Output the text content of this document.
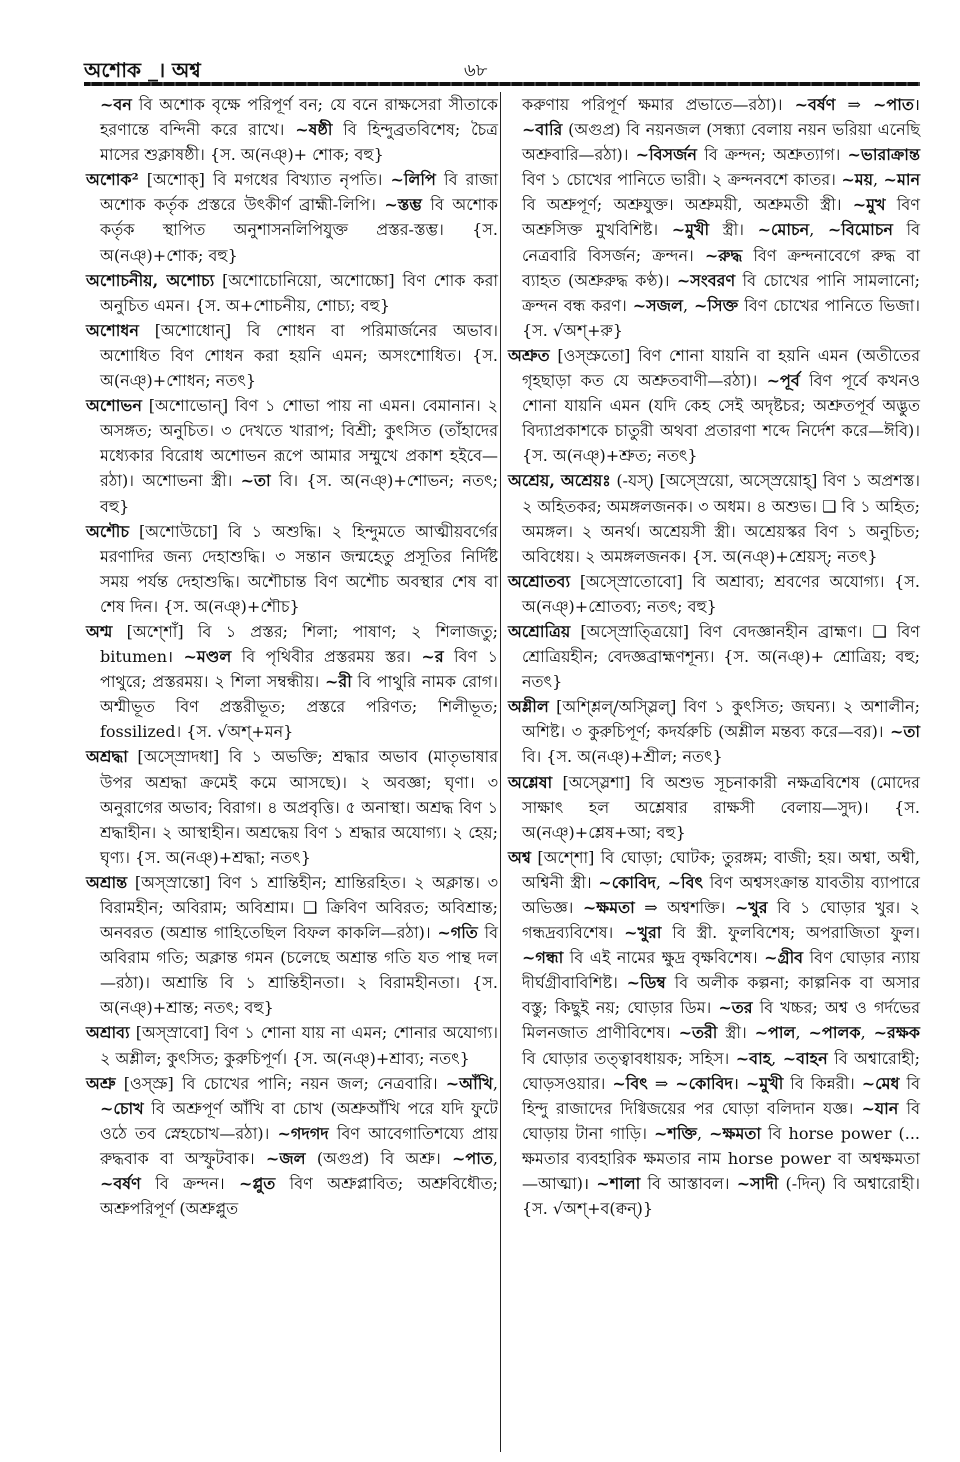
অশোক _। অশ্ব	৬৮

~বন বি অশোক বৃক্ষে পরিপূর্ণ বন; যে বনে রাক্ষসেরা সীতাকে হরণান্তে বন্দিনী করে রাখে। ~ষষ্ঠী বি হিন্দুব্রতবিশেষ; চৈত্র মাসের শুক্লাষষ্ঠী। {স. অ(নঞ্)+ শোক; বহু}

অশোক² [অশোক্] বি মগধের বিখ্যাত নৃপতি। ~লিপি বি রাজা অশোক কর্তৃক প্রস্তরে উৎকীর্ণ ব্রাহ্মী-লিপি। ~স্তম্ভ বি অশোক কর্তৃক স্থাপিত অনুশাসনলিপিযুক্ত প্রস্তর-স্তম্ভ। {স. অ(নঞ্)+শোক; বহু}

অশোচনীয়, অশোচ্য [অশোচোনিয়ো, অশোচ্চো] বিণ শোক করা অনুচিত এমন। {স. অ+শোচনীয়, শোচ্য; বহু}

অশোধন [অশোধোন্] বি শোধন বা পরিমার্জনের অভাব। অশোধিত বিণ শোধন করা হয়নি এমন; অসংশোধিত। {স. অ(নঞ্)+শোধন; নতৎ}

অশোভন [অশোভোন্] বিণ ১ শোভা পায় না এমন। বেমানান। ২ অসঙ্গত; অনুচিত। ৩ দেখতে খারাপ; বিশ্রী; কুৎসিত (তাঁহাদের মধ্যেকার বিরোধ অশোভন রূপে আমার সম্মুখে প্রকাশ হইবে—রঠা)। অশোভনা স্ত্রী। ~তা বি। {স. অ(নঞ্)+শোভন; নতৎ; বহু}

অশৌচ [অশোউচো] বি ১ অশুদ্ধি। ২ হিন্দুমতে আত্মীয়বর্গের মরণাদির জন্য দেহাশুদ্ধি। ৩ সন্তান জন্মহেতু প্রসূতির নির্দিষ্ট সময় পর্যন্ত দেহাশুদ্ধি। অশৌচান্ত বিণ অশৌচ অবস্থার শেষ বা শেষ দিন। {স. অ(নঞ্)+শৌচ}

অশ্ম [অশ্শোঁ] বি ১ প্রস্তর; শিলা; পাষাণ; ২ শিলাজতু; bitumen। ~মণ্ডল বি পৃথিবীর প্রস্তরময় স্তর। ~র বিণ ১ পাথুরে; প্রস্তরময়। ২ শিলা সম্বন্ধীয়। ~রী বি পাথুরি নামক রোগ। অশ্মীভূত বিণ প্রস্তরীভূত; প্রস্তরে পরিণত; শিলীভূত; fossilized। {স. √অশ্+মন}

অশ্রদ্ধা [অস্স্রোদধা] বি ১ অভক্তি; শ্রদ্ধার অভাব (মাতৃভাষার উপর অশ্রদ্ধা ক্রমেই কমে আসছে)। ২ অবজ্ঞা; ঘৃণা। ৩ অনুরাগের অভাব; বিরাগ। ৪ অপ্রবৃত্তি। ৫ অনাস্থা। অশ্রদ্ধ বিণ ১ শ্রদ্ধাহীন। ২ আস্থাহীন। অশ্রদ্ধেয় বিণ ১ শ্রদ্ধার অযোগ্য। ২ হেয়; ঘৃণ্য। {স. অ(নঞ্)+শ্রদ্ধা; নতৎ}

অশ্রান্ত [অস্স্রান্তো] বিণ ১ শ্রান্তিহীন; শ্রান্তিরহিত। ২ অক্লান্ত। ৩ বিরামহীন; অবিরাম; অবিশ্রাম। ❑ ক্রিবিণ অবিরত; অবিশ্রান্ত; অনবরত (অশ্রান্ত গাহিতেছিল বিফল কাকলি—রঠা)। ~গতি বি অবিরাম গতি; অক্লান্ত গমন (চলেছে অশ্রান্ত গতি যত পান্থ দল—রঠা)। অশ্রান্তি বি ১ শ্রান্তিহীনতা। ২ বিরামহীনতা। {স. অ(নঞ্)+শ্রান্ত; নতৎ; বহু}

অশ্রাব্য [অস্স্রাবো] বিণ ১ শোনা যায় না এমন; শোনার অযোগ্য। ২ অশ্লীল; কুৎসিত; কুরুচিপূর্ণ। {স. অ(নঞ্)+শ্রাব্য; নতৎ}

অশ্রু [ওস্স্রু] বি চোখের পানি; নয়ন জল; নেত্রবারি। ~আঁখি, ~চোখ বি অশ্রুপূর্ণ আঁখি বা চোখ (অশ্রুআঁখি পরে যদি ফুটে ওঠে তব স্নেহচোখ—রঠা)। ~গদগদ বিণ আবেগাতিশয্যে প্রায় রুদ্ধবাক বা অস্ফুটবাক। ~জল (অগুপ্র) বি অশ্রু। ~পাত, ~বর্ষণ বি ক্রন্দন। ~প্লুত বিণ অশ্রুপ্লাবিত; অশ্রুবিধৌত; অশ্রুপরিপূর্ণ (অশ্রুপ্লুত

করুণায় পরিপূর্ণ ক্ষমার প্রভাতে—রঠা)। ~বর্ষণ ⇒ ~পাত। ~বারি (অগুপ্র) বি নয়নজল (সন্ধ্যা বেলায় নয়ন ভরিয়া এনেছি অশ্রুবারি—রঠা)। ~বিসর্জন বি ক্রন্দন; অশ্রুত্যাগ। ~ভারাক্রান্ত বিণ ১ চোখের পানিতে ভারী। ২ ক্রন্দনবশে কাতর। ~ময়, ~মান বি অশ্রুপূর্ণ; অশ্রুযুক্ত। অশ্রুময়ী, অশ্রুমতী স্ত্রী। ~মুখ বিণ অশ্রুসিক্ত মুখবিশিষ্ট। ~মুখী স্ত্রী। ~মোচন, ~বিমোচন বি নেত্রবারি বিসর্জন; ক্রন্দন। ~রুদ্ধ বিণ ক্রন্দনাবেগে রুদ্ধ বা ব্যাহত (অশ্রুরুদ্ধ কণ্ঠ)। ~সংবরণ বি চোখের পানি সামলানো; ক্রন্দন বন্ধ করণ। ~সজল, ~সিক্ত বিণ চোখের পানিতে ভিজা। {স. √অশ্+রু}

অশ্রুত [ওস্স্রুতো] বিণ শোনা যায়নি বা হয়নি এমন (অতীতের গৃহছাড়া কত যে অশ্রুতবাণী—রঠা)। ~পূর্ব বিণ পূর্বে কখনও শোনা যায়নি এমন (যদি কেহ সেই অদৃষ্টচর; অশ্রুতপূর্ব অদ্ভুত বিদ্যাপ্রকাশকে চাতুরী অথবা প্রতারণা শব্দে নির্দেশ করে—ঈবি)। {স. অ(নঞ্)+শ্রুত; নতৎ}

অশ্রেয়, অশ্রেয়ঃ (-যস্) [অস্স্রেয়ো, অস্স্রেয়োহ্] বিণ ১ অপ্রশস্ত। ২ অহিতকর; অমঙ্গলজনক। ৩ অধম। ৪ অশুভ। ❑ বি ১ অহিত; অমঙ্গল। ২ অনর্থ। অশ্রেয়সী স্ত্রী। অশ্রেয়স্কর বিণ ১ অনুচিত; অবিধেয়। ২ অমঙ্গলজনক। {স. অ(নঞ্)+শ্রেয়স্; নতৎ}

অশ্রোতব্য [অস্স্রোতোবো] বি অশ্রাব্য; শ্রবণের অযোগ্য। {স. অ(নঞ্)+শ্রোতব্য; নতৎ; বহু}

অশ্রোত্রিয় [অস্স্রোত্ত্রিয়ো] বিণ বেদজ্ঞানহীন ব্রাহ্মণ। ❑ বিণ শ্রোত্রিয়হীন; বেদজ্ঞব্রাহ্মণশূন্য। {স. অ(নঞ্)+ শ্রোত্রিয়; বহু; নতৎ}

অশ্লীল [অশ্শ্লিল্/অস্স্লিল্] বিণ ১ কুৎসিত; জঘন্য। ২ অশালীন; অশিষ্ট। ৩ কুরুচিপূর্ণ; কদর্যরুচি (অশ্লীল মন্তব্য করে—বর)। ~তা বি। {স. অ(নঞ্)+শ্রীল; নতৎ}

অশ্লেষা [অস্স্লেশা] বি অশুভ সূচনাকারী নক্ষত্রবিশেষ (মোদের সাক্ষাৎ হল অশ্লেষার রাক্ষসী বেলায়—সুদ)। {স. অ(নঞ্)+শ্লেষ+আ; বহু}

অশ্ব [অশ্শো] বি ঘোড়া; ঘোটক; তুরঙ্গম; বাজী; হয়। অশ্বা, অশ্বী, অশ্বিনী স্ত্রী। ~কোবিদ, ~বিৎ বিণ অশ্বসংক্রান্ত যাবতীয় ব্যাপারে অভিজ্ঞ। ~ক্ষমতা ⇒ অশ্বশক্তি। ~খুর বি ১ ঘোড়ার খুর। ২ গন্ধদ্রব্যবিশেষ। ~খুরা বি স্ত্রী. ফুলবিশেষ; অপরাজিতা ফুল। ~গন্ধা বি এই নামের ক্ষুদ্র বৃক্ষবিশেষ। ~গ্রীব বিণ ঘোড়ার ন্যায় দীর্ঘগ্রীবাবিশিষ্ট। ~ডিম্ব বি অলীক কল্পনা; কাল্পনিক বা অসার বস্তু; কিছুই নয়; ঘোড়ার ডিম। ~তর বি খচ্চর; অশ্ব ও গর্দভের মিলনজাত প্রাণীবিশেষ। ~তরী স্ত্রী। ~পাল, ~পালক, ~রক্ষক বি ঘোড়ার তত্ত্বাবধায়ক; সহিস। ~বাহ, ~বাহন বি অশ্বারোহী; ঘোড়সওয়ার। ~বিৎ ⇒ ~কোবিদ। ~মুখী বি কিন্নরী। ~মেধ বি হিন্দু রাজাদের দিগ্বিজয়ের পর ঘোড়া বলিদান যজ্ঞ। ~যান বি ঘোড়ায় টানা গাড়ি। ~শক্তি, ~ক্ষমতা বি horse power (... ক্ষমতার ব্যবহারিক ক্ষমতার নাম horse power বা অশ্বক্ষমতা—আত্মা)। ~শালা বি আস্তাবল। ~সাদী (-দিন্) বি অশ্বারোহী। {স. √অশ্+ব(ক্বন্)}
